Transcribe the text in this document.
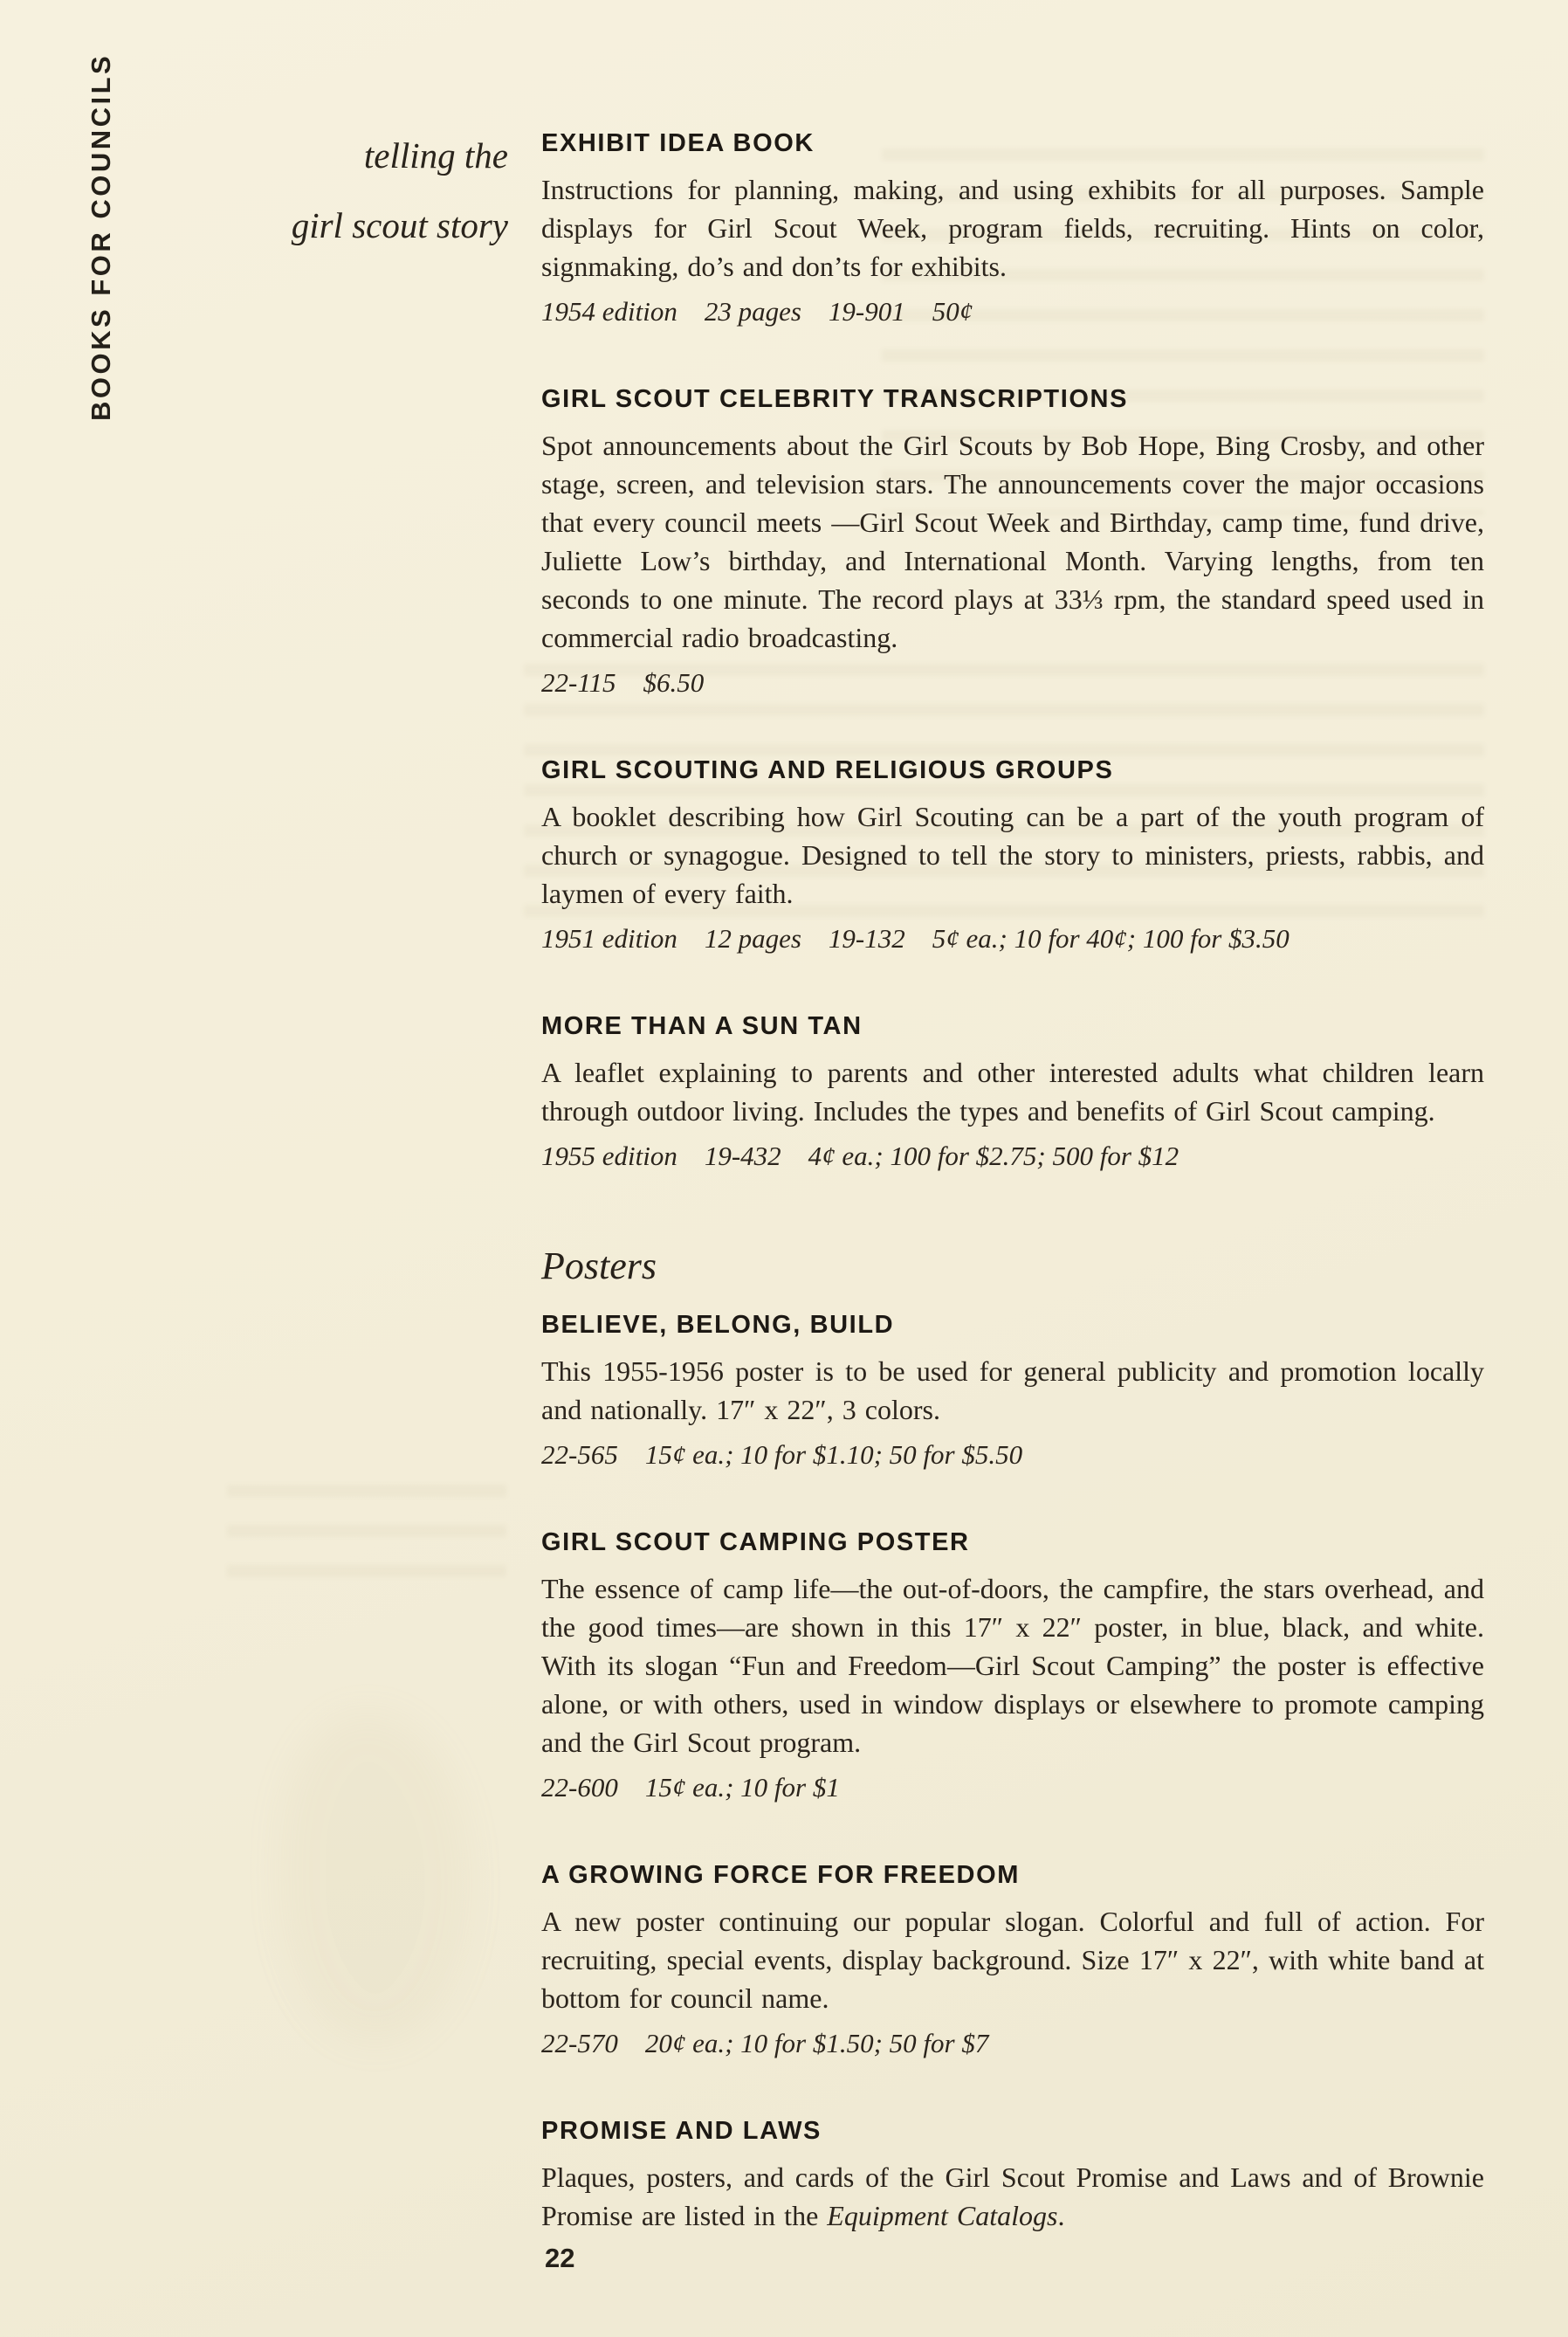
BOOKS FOR COUNCILS	telling the
girl scout story
EXHIBIT IDEA BOOK

Instructions for planning, making, and using exhibits for all purposes. Sample displays for Girl Scout Week, program fields, recruiting. Hints on color, signmaking, do’s and don’ts for exhibits.

1954 edition    23 pages    19-901    50¢

GIRL SCOUT CELEBRITY TRANSCRIPTIONS

Spot announcements about the Girl Scouts by Bob Hope, Bing Crosby, and other stage, screen, and television stars. The announcements cover the major occasions that every council meets —Girl Scout Week and Birthday, camp time, fund drive, Juliette Low’s birthday, and International Month. Varying lengths, from ten seconds to one minute. The record plays at 33⅓ rpm, the standard speed used in commercial radio broadcasting.

22-115    $6.50

GIRL SCOUTING AND RELIGIOUS GROUPS

A booklet describing how Girl Scouting can be a part of the youth program of church or synagogue. Designed to tell the story to ministers, priests, rabbis, and laymen of every faith.

1951 edition    12 pages    19-132    5¢ ea.; 10 for 40¢; 100 for $3.50

MORE THAN A SUN TAN

A leaflet explaining to parents and other interested adults what children learn through outdoor living. Includes the types and benefits of Girl Scout camping.

1955 edition    19-432    4¢ ea.; 100 for $2.75; 500 for $12

Posters
BELIEVE, BELONG, BUILD

This 1955-1956 poster is to be used for general publicity and promotion locally and nationally. 17″ x 22″, 3 colors.

22-565    15¢ ea.; 10 for $1.10; 50 for $5.50

GIRL SCOUT CAMPING POSTER

The essence of camp life—the out-of-doors, the campfire, the stars overhead, and the good times—are shown in this 17″ x 22″ poster, in blue, black, and white. With its slogan “Fun and Freedom—Girl Scout Camping” the poster is effective alone, or with others, used in window displays or elsewhere to promote camping and the Girl Scout program.

22-600    15¢ ea.; 10 for $1

A GROWING FORCE FOR FREEDOM

A new poster continuing our popular slogan. Colorful and full of action. For recruiting, special events, display background. Size 17″ x 22″, with white band at bottom for council name.

22-570    20¢ ea.; 10 for $1.50; 50 for $7

PROMISE AND LAWS

Plaques, posters, and cards of the Girl Scout Promise and Laws and of Brownie Promise are listed in the Equipment Catalogs.

22
